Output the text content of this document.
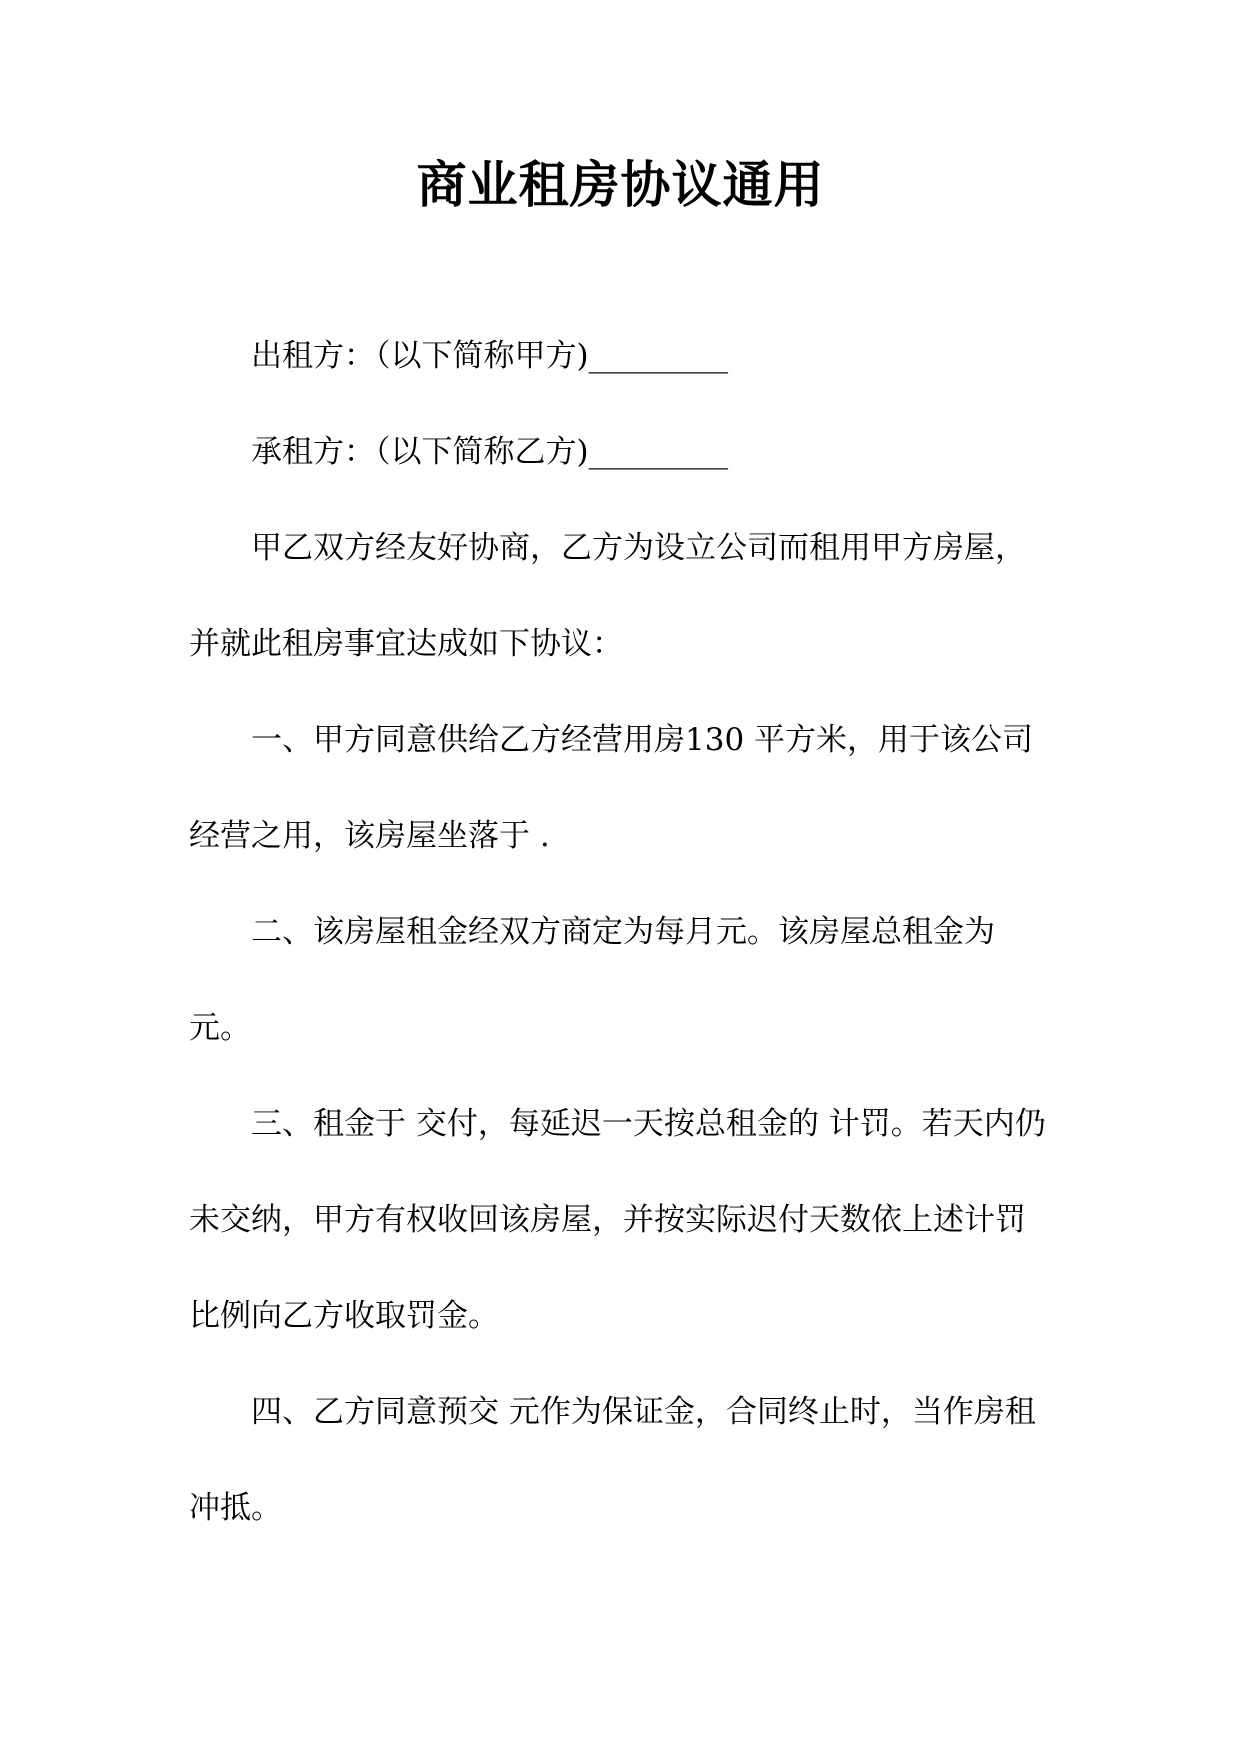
商业租房协议通用

出租方：（以下简称甲方)_________

承租方：（以下简称乙方)_________

甲乙双方经友好协商，乙方为设立公司而租用甲方房屋，并就此租房事宜达成如下协议：

一、甲方同意供给乙方经营用房130 平方米，用于该公司经营之用，该房屋坐落于 .

二、该房屋租金经双方商定为每月元。该房屋总租金为 元。

三、租金于 交付，每延迟一天按总租金的 计罚。若天内仍未交纳，甲方有权收回该房屋，并按实际迟付天数依上述计罚比例向乙方收取罚金。

四、乙方同意预交 元作为保证金，合同终止时，当作房租冲抵。
